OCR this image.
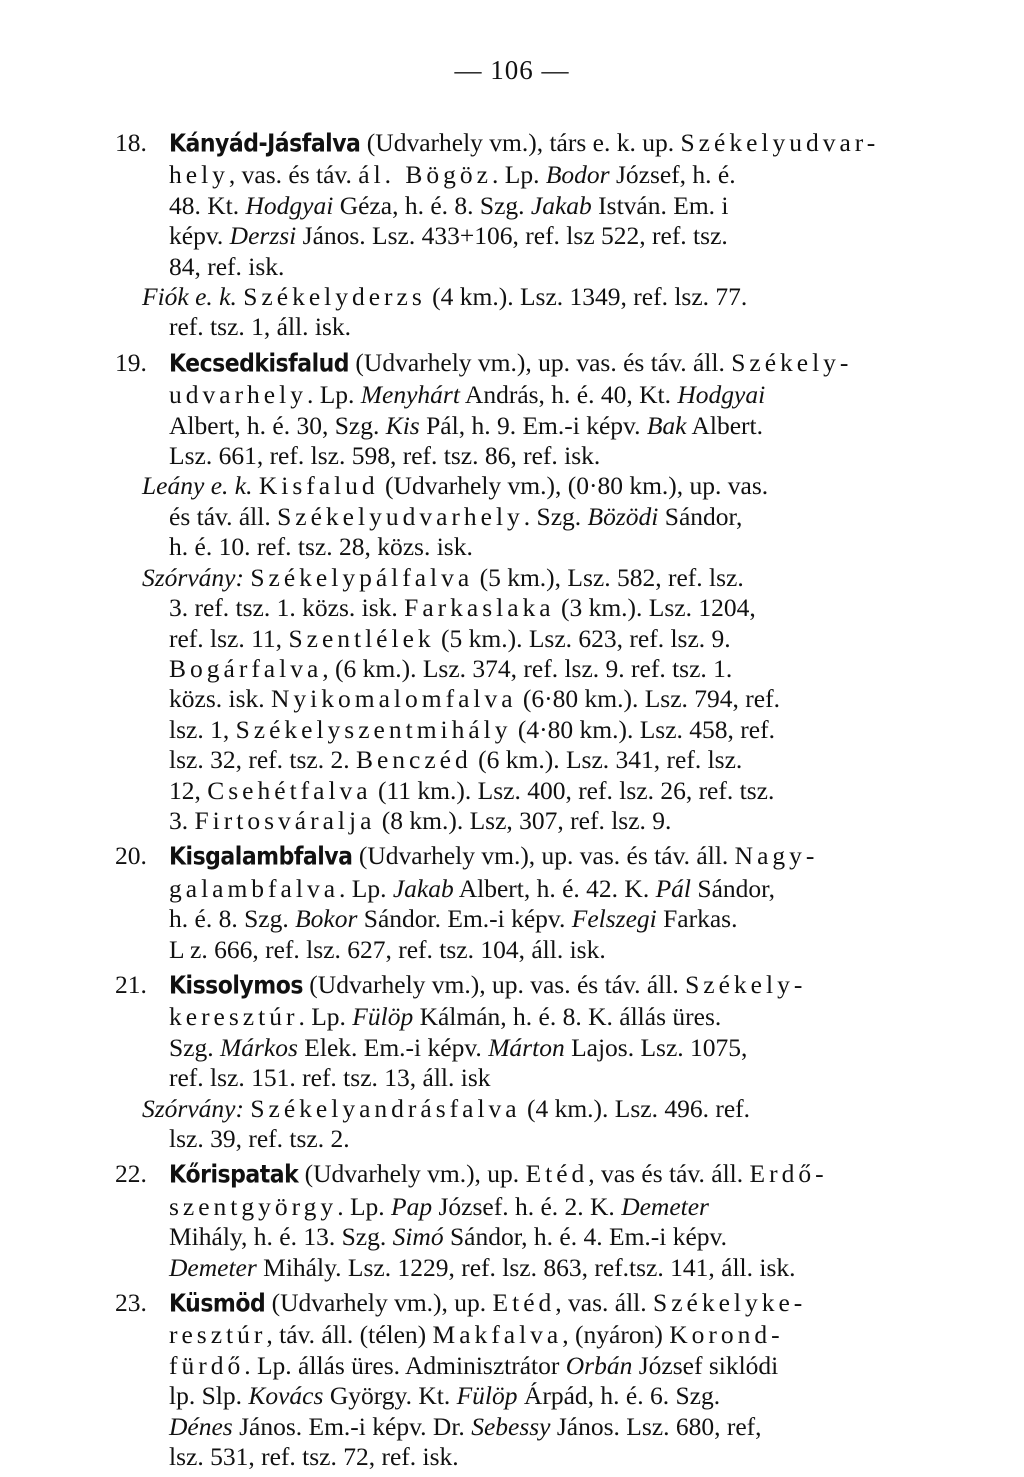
— 106 —
18. Kányád-Jásfalva (Udvarhely vm.), társ e. k. up. Székelyudvar-
hely, vas. és táv. ál. Bögöz. Lp. Bodor József, h. é.
48. Kt. Hodgyai Géza, h. é. 8. Szg. Jakab István. Em. i
képv. Derzsi János. Lsz. 433+106, ref. lsz 522, ref. tsz.
84, ref. isk.
Fiók e. k. Székelyderzs (4 km.). Lsz. 1349, ref. lsz. 77.
ref. tsz. 1, áll. isk.
19. Kecsedkisfalud (Udvarhely vm.), up. vas. és táv. áll. Székely-
udvarhely. Lp. Menyhárt András, h. é. 40, Kt. Hodgyai
Albert, h. é. 30, Szg. Kis Pál, h. 9. Em.-i képv. Bak Albert.
Lsz. 661, ref. lsz. 598, ref. tsz. 86, ref. isk.
Leány e. k. Kisfalud (Udvarhely vm.), (0·80 km.), up. vas.
és táv. áll. Székelyudvarhely. Szg. Bözödi Sándor,
h. é. 10. ref. tsz. 28, közs. isk.
Szórvány: Székelypálfalva (5 km.), Lsz. 582, ref. lsz.
3. ref. tsz. 1. közs. isk. Farkaslaka (3 km.). Lsz. 1204,
ref. lsz. 11, Szentlélek (5 km.). Lsz. 623, ref. lsz. 9.
Bogárfalva, (6 km.). Lsz. 374, ref. lsz. 9. ref. tsz. 1.
közs. isk. Nyikomalomfalva (6·80 km.). Lsz. 794, ref.
lsz. 1, Székelyszentmihály (4·80 km.). Lsz. 458, ref.
lsz. 32, ref. tsz. 2. Benczéd (6 km.). Lsz. 341, ref. lsz.
12, Csehétfalva (11 km.). Lsz. 400, ref. lsz. 26, ref. tsz.
3. Firtosváralja (8 km.). Lsz, 307, ref. lsz. 9.
20. Kisgalambfalva (Udvarhely vm.), up. vas. és táv. áll. Nagy-
galambfalva. Lp. Jakab Albert, h. é. 42. K. Pál Sándor,
h. é. 8. Szg. Bokor Sándor. Em.-i képv. Felszegi Farkas.
L z. 666, ref. lsz. 627, ref. tsz. 104, áll. isk.
21. Kissolymos (Udvarhely vm.), up. vas. és táv. áll. Székely-
keresztúr. Lp. Fülöp Kálmán, h. é. 8. K. állás üres.
Szg. Márkos Elek. Em.-i képv. Márton Lajos. Lsz. 1075,
ref. lsz. 151. ref. tsz. 13, áll. isk
Szórvány: Székelyandrásfalva (4 km.). Lsz. 496. ref.
lsz. 39, ref. tsz. 2.
22. Kőrispatak (Udvarhely vm.), up. Etéd, vas és táv. áll. Erdő-
szentgyörgy. Lp. Pap József. h. é. 2. K. Demeter
Mihály, h. é. 13. Szg. Simó Sándor, h. é. 4. Em.-i képv.
Demeter Mihály. Lsz. 1229, ref. lsz. 863, ref.tsz. 141, áll. isk.
23. Küsmöd (Udvarhely vm.), up. Etéd, vas. áll. Székelyke-
resztúr, táv. áll. (télen) Makfalva, (nyáron) Korond-
fürdő. Lp. állás üres. Adminisztrátor Orbán József siklódi
lp. Slp. Kovács György. Kt. Fülöp Árpád, h. é. 6. Szg.
Dénes János. Em.-i képv. Dr. Sebessy János. Lsz. 680, ref,
lsz. 531, ref. tsz. 72, ref. isk.
